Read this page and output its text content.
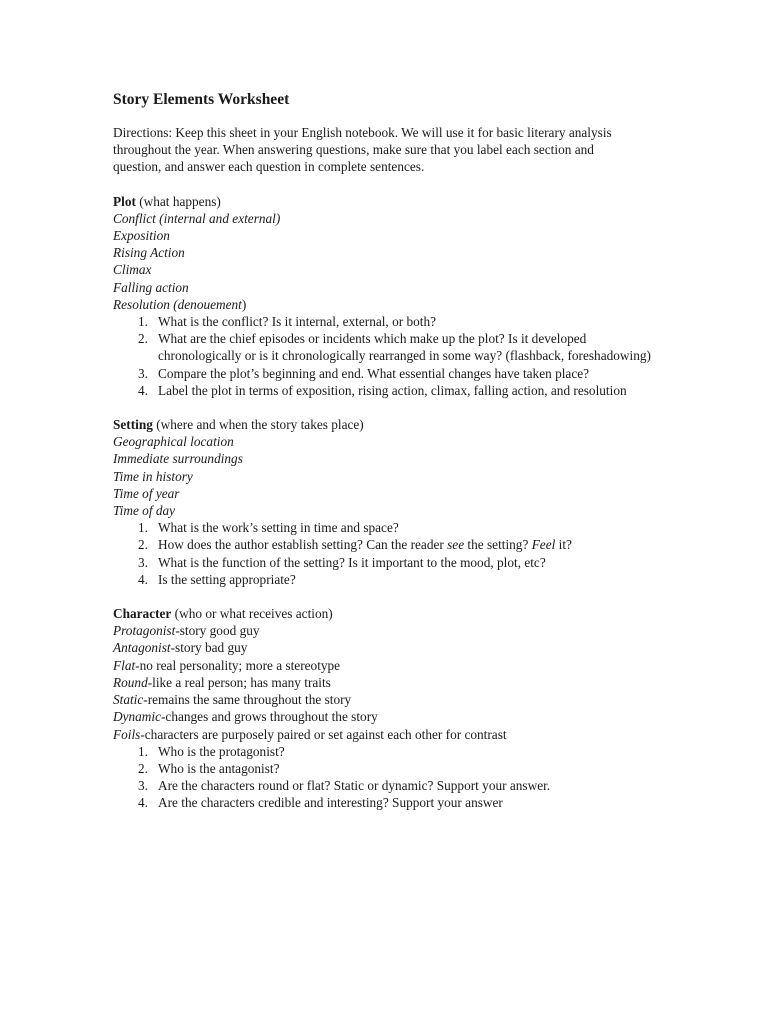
Story Elements Worksheet
Directions: Keep this sheet in your English notebook. We will use it for basic literary analysis throughout the year. When answering questions, make sure that you label each section and question, and answer each question in complete sentences.
Plot (what happens)
Conflict (internal and external)
Exposition
Rising Action
Climax
Falling action
Resolution (denouement)
1. What is the conflict? Is it internal, external, or both?
2. What are the chief episodes or incidents which make up the plot? Is it developed chronologically or is it chronologically rearranged in some way? (flashback, foreshadowing)
3. Compare the plot’s beginning and end. What essential changes have taken place?
4. Label the plot in terms of exposition, rising action, climax, falling action, and resolution
Setting (where and when the story takes place)
Geographical location
Immediate surroundings
Time in history
Time of year
Time of day
1. What is the work’s setting in time and space?
2. How does the author establish setting? Can the reader see the setting? Feel it?
3. What is the function of the setting? Is it important to the mood, plot, etc?
4. Is the setting appropriate?
Character (who or what receives action)
Protagonist-story good guy
Antagonist-story bad guy
Flat-no real personality; more a stereotype
Round-like a real person; has many traits
Static-remains the same throughout the story
Dynamic-changes and grows throughout the story
Foils-characters are purposely paired or set against each other for contrast
1. Who is the protagonist?
2. Who is the antagonist?
3. Are the characters round or flat? Static or dynamic? Support your answer.
4. Are the characters credible and interesting? Support your answer
